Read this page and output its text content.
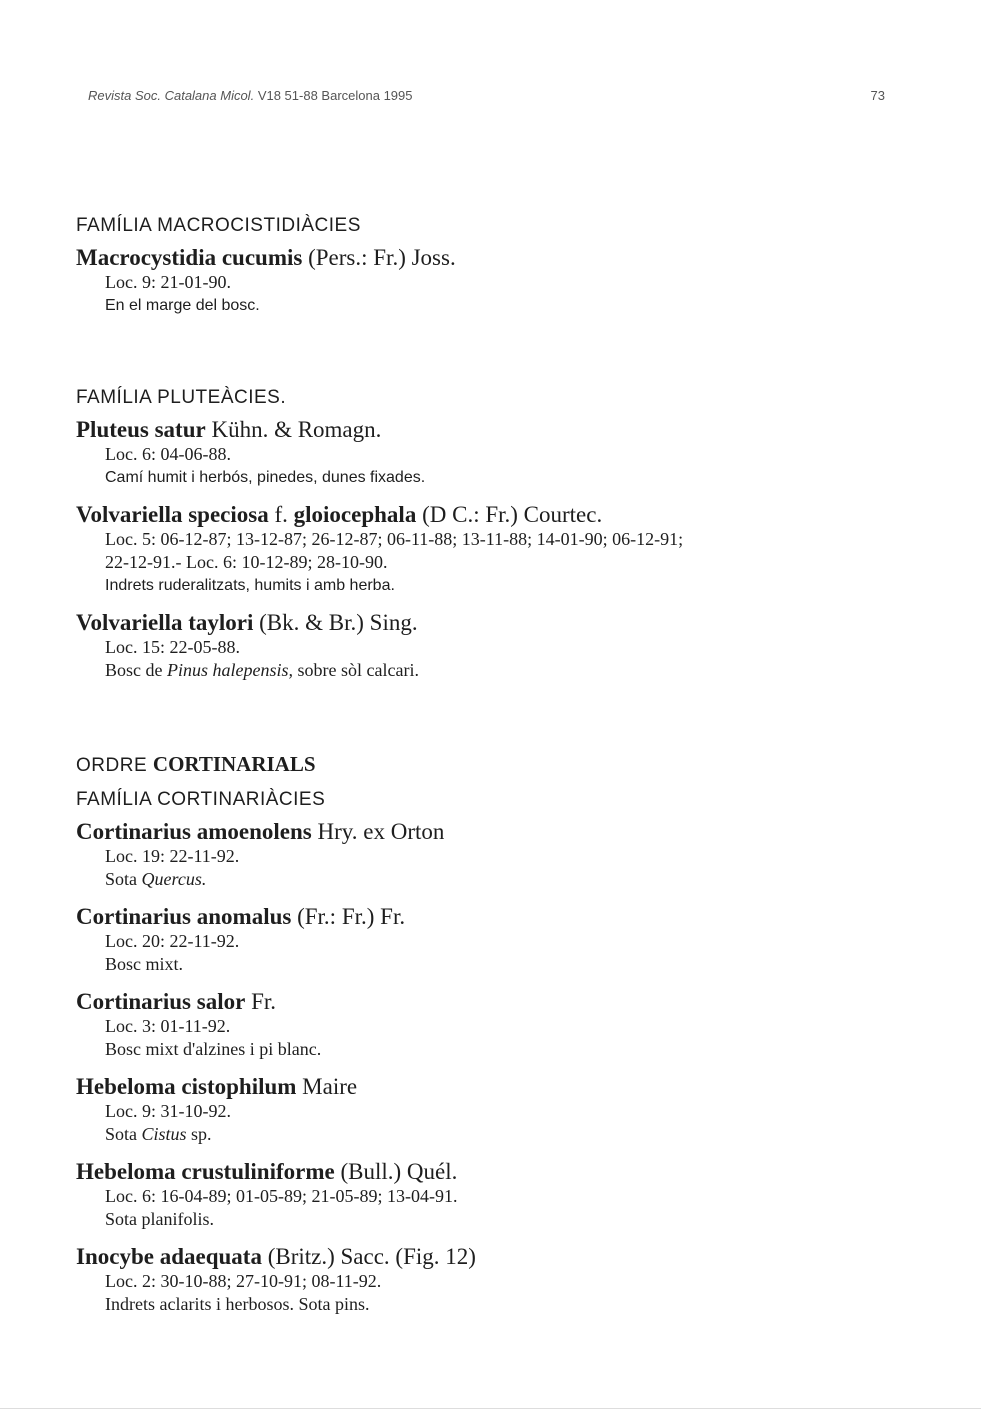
Revista Soc. Catalana Micol. V18 51-88 Barcelona 1995	73
FAMÍLIA MACROCISTIDIÀCIES
Macrocystidia cucumis (Pers.: Fr.) Joss.
Loc. 9: 21-01-90.
En el marge del bosc.
FAMÍLIA PLUTEÀCIES.
Pluteus satur Kühn. & Romagn.
Loc. 6: 04-06-88.
Camí humit i herbós, pinedes, dunes fixades.
Volvariella speciosa f. gloiocephala (D C.: Fr.) Courtec.
Loc. 5: 06-12-87; 13-12-87; 26-12-87; 06-11-88; 13-11-88; 14-01-90; 06-12-91;
22-12-91.- Loc. 6: 10-12-89; 28-10-90.
Indrets ruderalitzats, humits i amb herba.
Volvariella taylori (Bk. & Br.) Sing.
Loc. 15: 22-05-88.
Bosc de Pinus halepensis, sobre sòl calcari.
ORDRE CORTINARIALS
FAMÍLIA CORTINARIÀCIES
Cortinarius amoenolens Hry. ex Orton
Loc. 19: 22-11-92.
Sota Quercus.
Cortinarius anomalus (Fr.: Fr.) Fr.
Loc. 20: 22-11-92.
Bosc mixt.
Cortinarius salor Fr.
Loc. 3: 01-11-92.
Bosc mixt d'alzines i pi blanc.
Hebeloma cistophilum Maire
Loc. 9: 31-10-92.
Sota Cistus sp.
Hebeloma crustuliniforme (Bull.) Quél.
Loc. 6: 16-04-89; 01-05-89; 21-05-89; 13-04-91.
Sota planifolis.
Inocybe adaequata (Britz.) Sacc. (Fig. 12)
Loc. 2: 30-10-88; 27-10-91; 08-11-92.
Indrets aclarits i herbosos. Sota pins.
